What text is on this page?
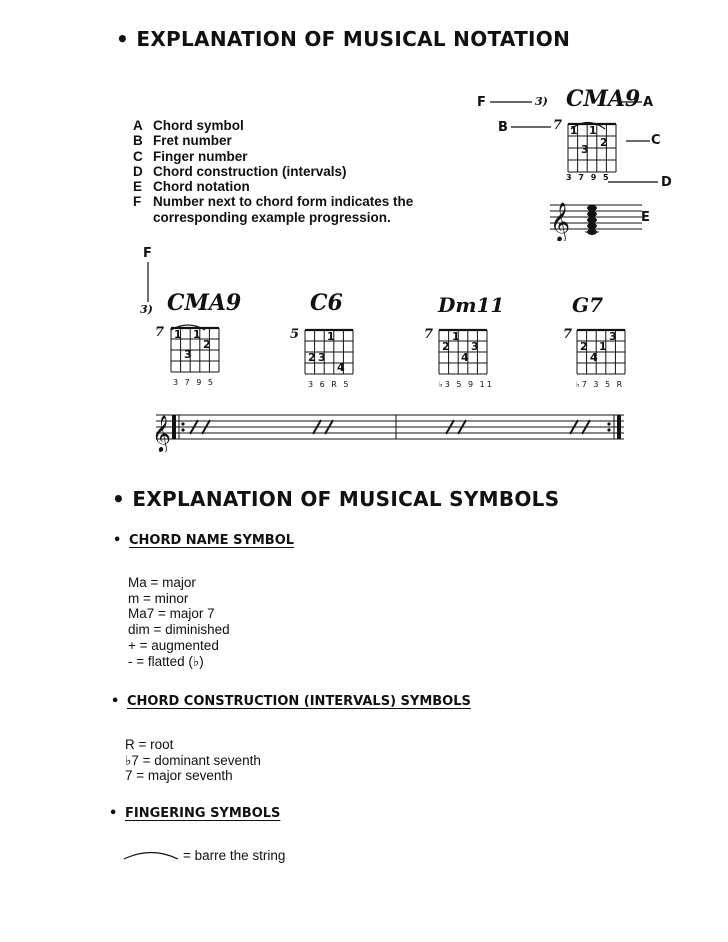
• EXPLANATION OF MUSICAL NOTATION
A Chord symbol
B Fret number
C Finger number
D Chord construction (intervals)
E Chord notation
F Number next to chord form indicates the
corresponding example progression.
F	3) CMA9 A
B	7 1 1
2
3
C
3 7 9 5	D
𝄞	E
F
3) CMA9
7 1 1
2
3
3 7 9 5
C6
5	1
2 3
4
3 6 R 5
Dm11
7 1
2 3
4
♭3 5 9 11
G7
7
2 1
3
4
♭7 3 5 R
𝄞
• EXPLANATION OF MUSICAL SYMBOLS
• CHORD NAME SYMBOL
Ma = major
m = minor
Ma7 = major 7
dim = diminished
+ = augmented
- = flatted (♭)
• CHORD CONSTRUCTION (INTERVALS) SYMBOLS
R = root
♭7 = dominant seventh
7 = major seventh
• FINGERING SYMBOLS
= barre the string
